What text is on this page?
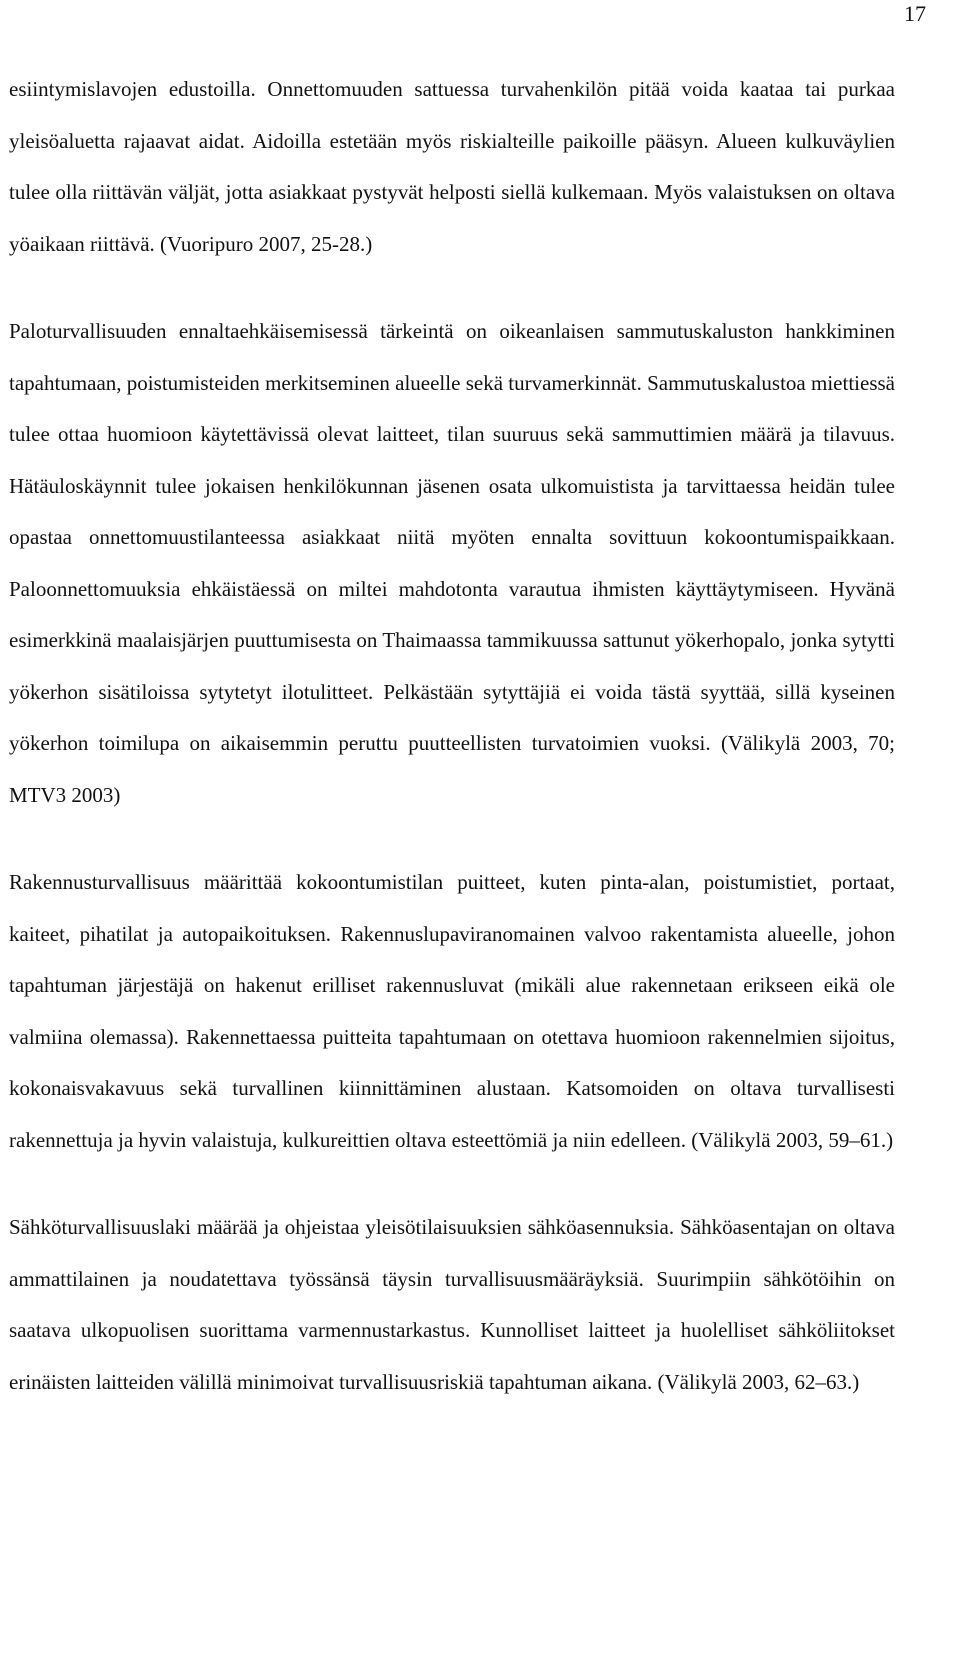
17

esiintymislavojen edustoilla. Onnettomuuden sattuessa turvahenkilön pitää voida kaataa tai purkaa yleisöaluetta rajaavat aidat. Aidoilla estetään myös riskialteille paikoille pääsyn. Alueen kulkuväylien tulee olla riittävän väljät, jotta asiakkaat pystyvät helposti siellä kulkemaan. Myös valaistuksen on oltava yöaikaan riittävä. (Vuoripuro 2007, 25-28.)

Paloturvallisuuden ennaltaehkäisemisessä tärkeintä on oikeanlaisen sammutuskaluston hankkiminen tapahtumaan, poistumisteiden merkitseminen alueelle sekä turvamerkinnät. Sammutuskalustoa miettiessä tulee ottaa huomioon käytettävissä olevat laitteet, tilan suuruus sekä sammuttimien määrä ja tilavuus. Hätäuloskäynnit tulee jokaisen henkilökunnan jäsenen osata ulkomuistista ja tarvittaessa heidän tulee opastaa onnettomuustilanteessa asiakkaat niitä myöten ennalta sovittuun kokoontumispaikkaan. Paloonnettomuuksia ehkäistäessä on miltei mahdotonta varautua ihmisten käyttäytymiseen. Hyvänä esimerkkinä maalaisjärjen puuttumisesta on Thaimaassa tammikuussa sattunut yökerhopalo, jonka sytytti yökerhon sisätiloissa sytytetyt ilotulitteet. Pelkästään sytyttäjiä ei voida tästä syyttää, sillä kyseinen yökerhon toimilupa on aikaisemmin peruttu puutteellisten turvatoimien vuoksi. (Välikylä 2003, 70; MTV3 2003)

Rakennusturvallisuus määrittää kokoontumistilan puitteet, kuten pinta-alan, poistumistiet, portaat, kaiteet, pihatilat ja autopaikoituksen. Rakennuslupaviranomainen valvoo rakentamista alueelle, johon tapahtuman järjestäjä on hakenut erilliset rakennusluvat (mikäli alue rakennetaan erikseen eikä ole valmiina olemassa). Rakennettaessa puitteita tapahtumaan on otettava huomioon rakennelmien sijoitus, kokonaisvakavuus sekä turvallinen kiinnittäminen alustaan. Katsomoiden on oltava turvallisesti rakennettuja ja hyvin valaistuja, kulkureittien oltava esteettömiä ja niin edelleen. (Välikylä 2003, 59–61.)

Sähköturvallisuuslaki määrää ja ohjeistaa yleisötilaisuuksien sähköasennuksia. Sähköasentajan on oltava ammattilainen ja noudatettava työssänsä täysin turvallisuusmääräyksiä. Suurimpiin sähkötöihin on saatava ulkopuolisen suorittama varmennustarkastus. Kunnolliset laitteet ja huolelliset sähköliitokset erinäisten laitteiden välillä minimoivat turvallisuusriskiä tapahtuman aikana. (Välikylä 2003, 62–63.)
